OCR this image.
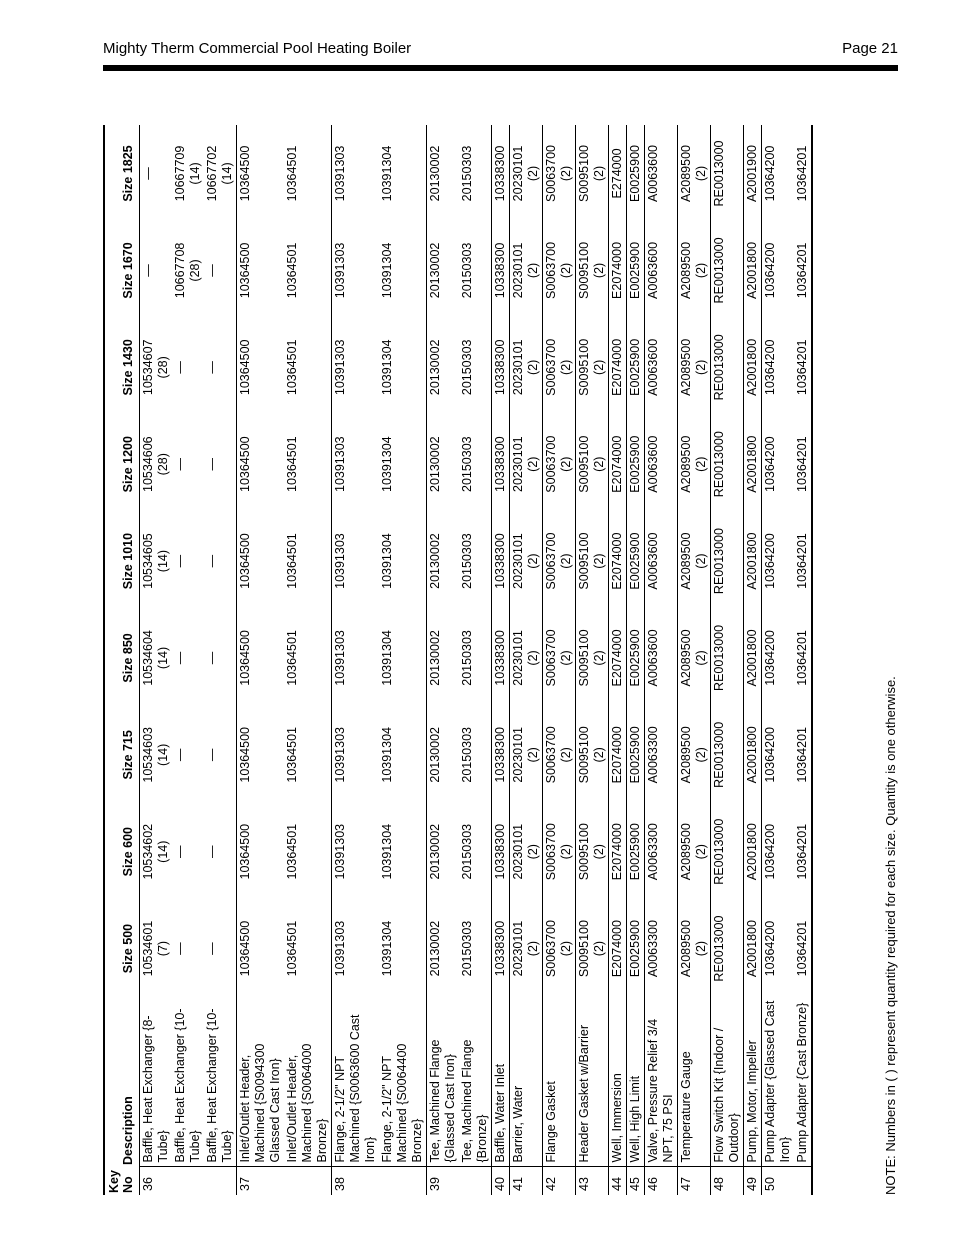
Mighty Therm Commercial Pool Heating Boiler	Page 21
Key No	Description	Size 500	Size 600	Size 715	Size 850	Size 1010	Size 1200	Size 1430	Size 1670	Size 1825
36	Baffle, Heat Exchanger {8-Tube}	10534601 (7)	10534602 (14)	10534603 (14)	10534604 (14)	10534605 (14)	10534606 (28)	10534607 (28)	—	—

	Baffle, Heat Exchanger {10-Tube}	—	—	—	—	—	—	—	10667708 (28)	10667709 (14)

	Baffle, Heat Exchanger {10-Tube}	—	—	—	—	—	—	—	—	10667702 (14)

37	Inlet/Outlet Header, Machined {S0094300 Glassed Cast Iron}	10364500	10364500	10364500	10364500	10364500	10364500	10364500	10364500	10364500

	Inlet/Outlet Header, Machined {S0064000 Bronze}	10364501	10364501	10364501	10364501	10364501	10364501	10364501	10364501	10364501

38	Flange, 2-1/2" NPT Machined {S0063600 Cast Iron}	10391303	10391303	10391303	10391303	10391303	10391303	10391303	10391303	10391303

	Flange, 2-1/2" NPT Machined {S0064400 Bronze}	10391304	10391304	10391304	10391304	10391304	10391304	10391304	10391304	10391304

39	Tee, Machined Flange {Glassed Cast Iron}	20130002	20130002	20130002	20130002	20130002	20130002	20130002	20130002	20130002

	Tee, Machined Flange {Bronze}	20150303	20150303	20150303	20150303	20150303	20150303	20150303	20150303	20150303

40	Baffle, Water Inlet	10338300	10338300	10338300	10338300	10338300	10338300	10338300	10338300	10338300

41	Barrier, Water	20230101 (2)	20230101 (2)	20230101 (2)	20230101 (2)	20230101 (2)	20230101 (2)	20230101 (2)	20230101 (2)	20230101 (2)

42	Flange Gasket	S0063700 (2)	S0063700 (2)	S0063700 (2)	S0063700 (2)	S0063700 (2)	S0063700 (2)	S0063700 (2)	S0063700 (2)	S0063700 (2)

43	Header Gasket w/Barrier	S0095100 (2)	S0095100 (2)	S0095100 (2)	S0095100 (2)	S0095100 (2)	S0095100 (2)	S0095100 (2)	S0095100 (2)	S0095100 (2)

44	Well, Immersion	E2074000	E2074000	E2074000	E2074000	E2074000	E2074000	E2074000	E2074000	E274000

45	Well, High Limit	E0025900	E0025900	E0025900	E0025900	E0025900	E0025900	E0025900	E0025900	E0025900

46	Valve, Pressure Relief 3/4 NPT, 75 PSI	A0063300	A0063300	A0063300	A0063600	A0063600	A0063600	A0063600	A0063600	A0063600

47	Temperature Gauge	A2089500 (2)	A2089500 (2)	A2089500 (2)	A2089500 (2)	A2089500 (2)	A2089500 (2)	A2089500 (2)	A2089500 (2)	A2089500 (2)

48	Flow Switch Kit {Indoor / Outdoor}	RE0013000	RE0013000	RE0013000	RE0013000	RE0013000	RE0013000	RE0013000	RE0013000	RE0013000

49	Pump, Motor, Impeller	A2001800	A2001800	A2001800	A2001800	A2001800	A2001800	A2001800	A2001800	A2001900

50	Pump Adapter {Glassed Cast Iron}	10364200	10364200	10364200	10364200	10364200	10364200	10364200	10364200	10364200

	Pump Adapter {Cast Bronze}	10364201	10364201	10364201	10364201	10364201	10364201	10364201	10364201	10364201
NOTE: Numbers in ( ) represent quantity required for each size. Quantity is one otherwise.
